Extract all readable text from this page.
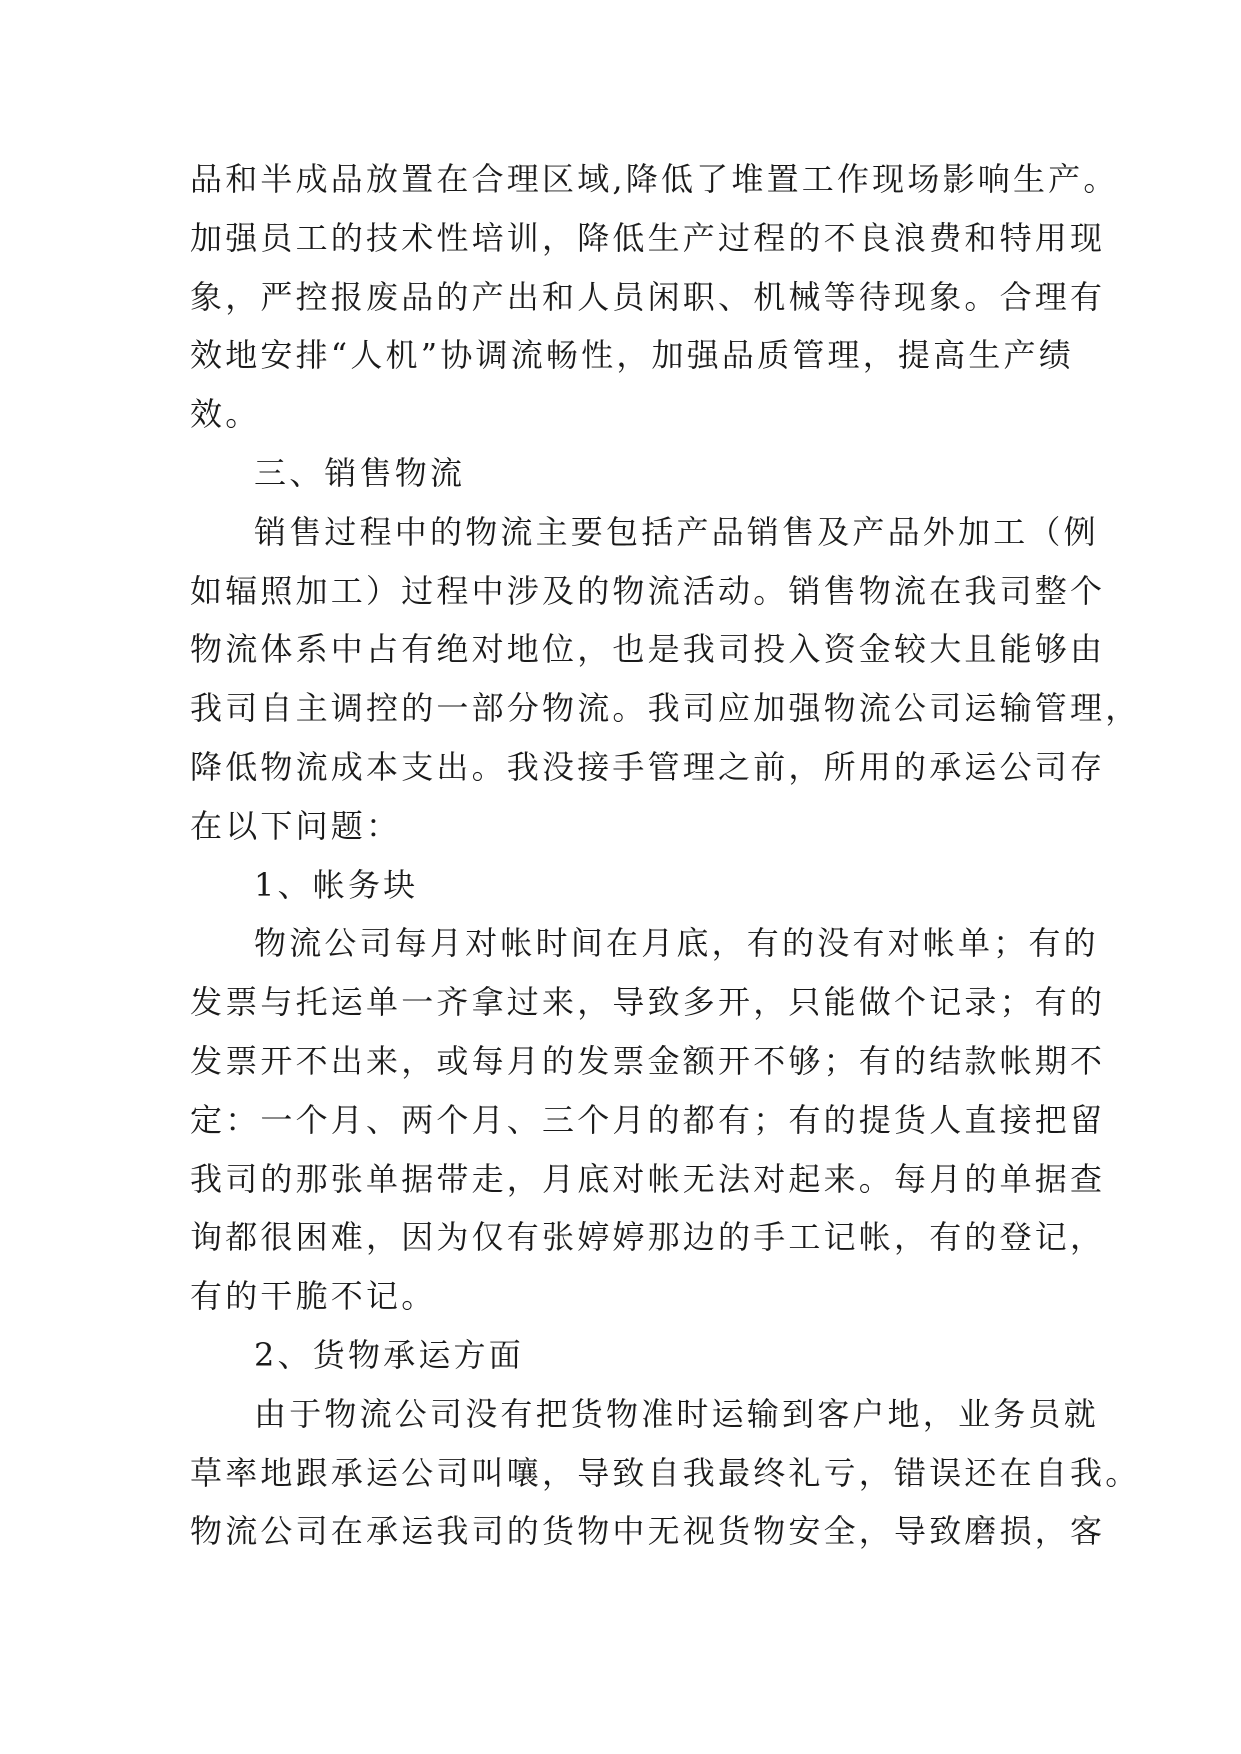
品和半成品放置在合理区域,降低了堆置工作现场影响生产。
加强员工的技术性培训，降低生产过程的不良浪费和特用现
象，严控报废品的产出和人员闲职、机械等待现象。合理有
效地安排“人机”协调流畅性，加强品质管理，提高生产绩
效。
三、销售物流
销售过程中的物流主要包括产品销售及产品外加工（例
如辐照加工）过程中涉及的物流活动。销售物流在我司整个
物流体系中占有绝对地位，也是我司投入资金较大且能够由
我司自主调控的一部分物流。我司应加强物流公司运输管理，
降低物流成本支出。我没接手管理之前，所用的承运公司存
在以下问题：
1、帐务块
物流公司每月对帐时间在月底，有的没有对帐单；有的
发票与托运单一齐拿过来，导致多开，只能做个记录；有的
发票开不出来，或每月的发票金额开不够；有的结款帐期不
定：一个月、两个月、三个月的都有；有的提货人直接把留
我司的那张单据带走，月底对帐无法对起来。每月的单据查
询都很困难，因为仅有张婷婷那边的手工记帐，有的登记，
有的干脆不记。
2、货物承运方面
由于物流公司没有把货物准时运输到客户地，业务员就
草率地跟承运公司叫嚷，导致自我最终礼亏，错误还在自我。
物流公司在承运我司的货物中无视货物安全，导致磨损，客
